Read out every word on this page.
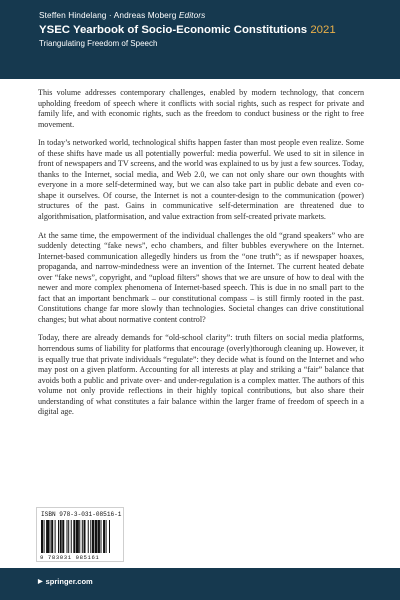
Steffen Hindelang · Andreas Moberg Editors
YSEC Yearbook of Socio-Economic Constitutions 2021
Triangulating Freedom of Speech

This volume addresses contemporary challenges, enabled by modern technology, that concern upholding freedom of speech where it conflicts with social rights, such as respect for private and family life, and with economic rights, such as the freedom to conduct business or the right to free movement.

In today’s networked world, technological shifts happen faster than most people even realize. Some of these shifts have made us all potentially powerful: media powerful. We used to sit in silence in front of newspapers and TV screens, and the world was explained to us by just a few sources. Today, thanks to the Internet, social media, and Web 2.0, we can not only share our own thoughts with everyone in a more self-determined way, but we can also take part in public debate and even co-shape it ourselves. Of course, the Internet is not a counter-design to the communication (power) structures of the past. Gains in communicative self-determination are threatened due to algorithmisation, platformisation, and value extraction from self-created private markets.

At the same time, the empowerment of the individual challenges the old “grand speakers” who are suddenly detecting “fake news”, echo chambers, and filter bubbles everywhere on the Internet. Internet-based communication allegedly hinders us from the “one truth”; as if newspaper hoaxes, propaganda, and narrow-mindedness were an invention of the Internet. The current heated debate over “fake news”, copyright, and “upload filters” shows that we are unsure of how to deal with the newer and more complex phenomena of Internet-based speech. This is due in no small part to the fact that an important benchmark – our constitutional compass – is still firmly rooted in the past. Constitutions change far more slowly than technologies. Societal changes can drive constitutional changes; but what about normative content control?

Today, there are already demands for “old-school clarity”: truth filters on social media platforms, horrendous sums of liability for platforms that encourage (overly)thorough cleaning up. However, it is equally true that private individuals “regulate”: they decide what is found on the Internet and who may post on a given platform. Accounting for all interests at play and striking a “fair” balance that avoids both a public and private over- and under-regulation is a complex matter. The authors of this volume not only provide reflections in their highly topical contributions, but also share their understanding of what constitutes a fair balance within the larger frame of freedom of speech in a digital age.

ISBN 978-3-031-08516-1
9 783031 085161
▶ springer.com
